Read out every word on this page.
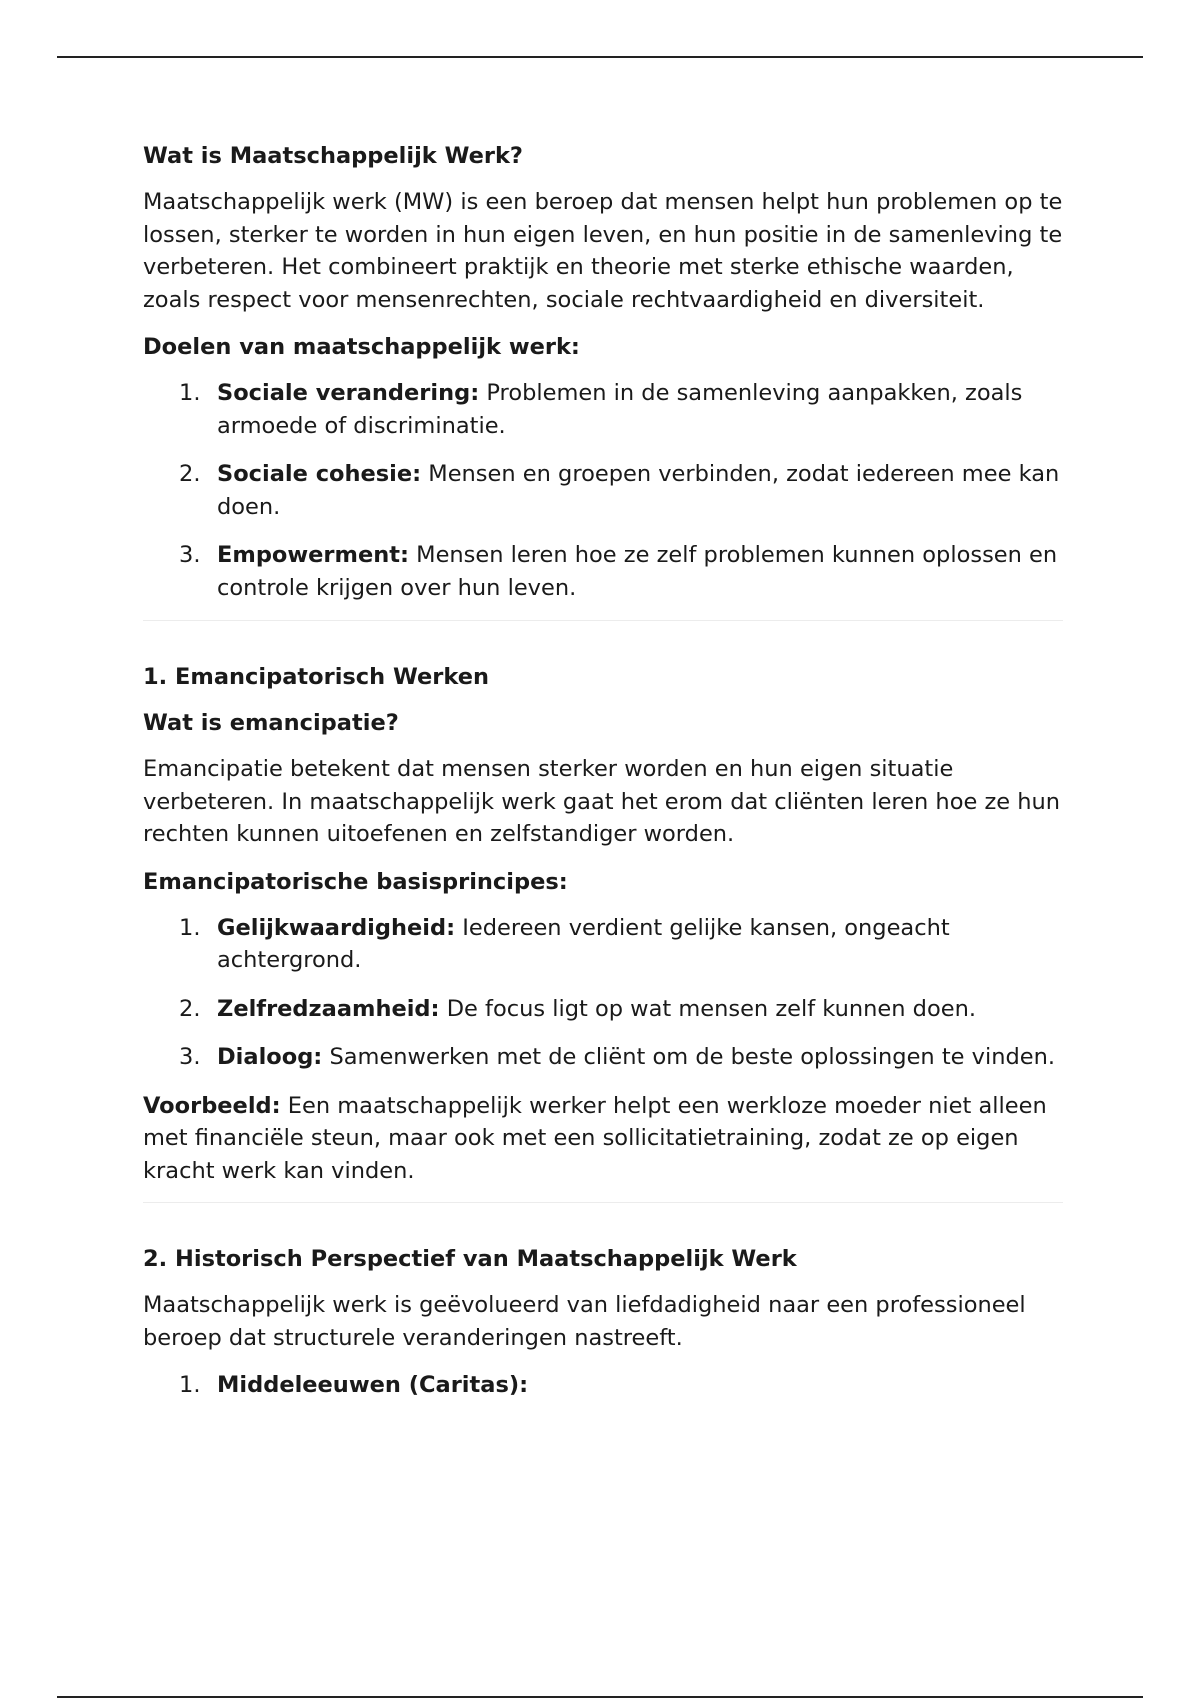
Wat is Maatschappelijk Werk?
Maatschappelijk werk (MW) is een beroep dat mensen helpt hun problemen op te lossen, sterker te worden in hun eigen leven, en hun positie in de samenleving te verbeteren. Het combineert praktijk en theorie met sterke ethische waarden, zoals respect voor mensenrechten, sociale rechtvaardigheid en diversiteit.
Doelen van maatschappelijk werk:
1. Sociale verandering: Problemen in de samenleving aanpakken, zoals armoede of discriminatie.
2. Sociale cohesie: Mensen en groepen verbinden, zodat iedereen mee kan doen.
3. Empowerment: Mensen leren hoe ze zelf problemen kunnen oplossen en controle krijgen over hun leven.
1. Emancipatorisch Werken
Wat is emancipatie?
Emancipatie betekent dat mensen sterker worden en hun eigen situatie verbeteren. In maatschappelijk werk gaat het erom dat cliënten leren hoe ze hun rechten kunnen uitoefenen en zelfstandiger worden.
Emancipatorische basisprincipes:
1. Gelijkwaardigheid: Iedereen verdient gelijke kansen, ongeacht achtergrond.
2. Zelfredzaamheid: De focus ligt op wat mensen zelf kunnen doen.
3. Dialoog: Samenwerken met de cliënt om de beste oplossingen te vinden.
Voorbeeld: Een maatschappelijk werker helpt een werkloze moeder niet alleen met financiële steun, maar ook met een sollicitatietraining, zodat ze op eigen kracht werk kan vinden.
2. Historisch Perspectief van Maatschappelijk Werk
Maatschappelijk werk is geëvolueerd van liefdadigheid naar een professioneel beroep dat structurele veranderingen nastreeft.
1. Middeleeuwen (Caritas):
